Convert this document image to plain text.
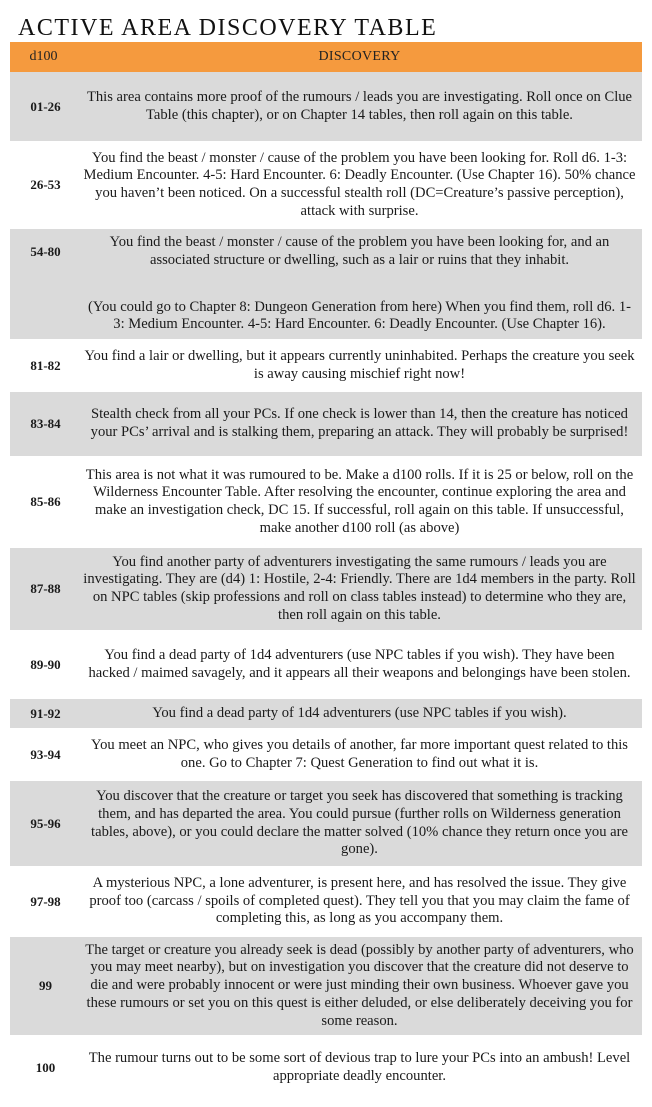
ACTIVE AREA DISCOVERY TABLE
d100	DISCOVERY
01-26

This area contains more proof of the rumours / leads you are investigating. Roll once on Clue Table (this chapter), or on Chapter 14 tables, then roll again on this table.

26-53

You find the beast / monster / cause of the problem you have been looking for. Roll d6. 1-3: Medium Encounter. 4-5: Hard Encounter. 6: Deadly Encounter. (Use Chapter 16). 50% chance you haven’t been noticed. On a successful stealth roll (DC=Creature’s passive perception), attack with surprise.

54-80

You find the beast / monster / cause of the problem you have been looking for, and an associated structure or dwelling, such as a lair or ruins that they inhabit.

(You could go to Chapter 8: Dungeon Generation from here) When you find them, roll d6. 1-3: Medium Encounter. 4-5: Hard Encounter. 6: Deadly Encounter. (Use Chapter 16).

81-82

You find a lair or dwelling, but it appears currently uninhabited. Perhaps the creature you seek is away causing mischief right now!

83-84

Stealth check from all your PCs. If one check is lower than 14, then the creature has noticed your PCs’ arrival and is stalking them, preparing an attack. They will probably be surprised!

85-86

This area is not what it was rumoured to be. Make a d100 rolls. If it is 25 or below, roll on the Wilderness Encounter Table. After resolving the encounter, continue exploring the area and make an investigation check, DC 15. If successful, roll again on this table. If unsuccessful, make another d100 roll (as above)

87-88

You find another party of adventurers investigating the same rumours / leads you are investigating. They are (d4) 1: Hostile, 2-4: Friendly. There are 1d4 members in the party. Roll on NPC tables (skip professions and roll on class tables instead) to determine who they are, then roll again on this table.

89-90

You find a dead party of 1d4 adventurers (use NPC tables if you wish). They have been hacked / maimed savagely, and it appears all their weapons and belongings have been stolen.

91-92	You find a dead party of 1d4 adventurers (use NPC tables if you wish).

93-94

You meet an NPC, who gives you details of another, far more important quest related to this one. Go to Chapter 7: Quest Generation to find out what it is.

95-96

You discover that the creature or target you seek has discovered that something is tracking them, and has departed the area. You could pursue (further rolls on Wilderness generation tables, above), or you could declare the matter solved (10% chance they return once you are gone).

97-98

A mysterious NPC, a lone adventurer, is present here, and has resolved the issue. They give proof too (carcass / spoils of completed quest). They tell you that you may claim the fame of completing this, as long as you accompany them.

99

The target or creature you already seek is dead (possibly by another party of adventurers, who you may meet nearby), but on investigation you discover that the creature did not deserve to die and were probably innocent or were just minding their own business. Whoever gave you these rumours or set you on this quest is either deluded, or else deliberately deceiving you for some reason.

100

The rumour turns out to be some sort of devious trap to lure your PCs into an ambush! Level appropriate deadly encounter.
